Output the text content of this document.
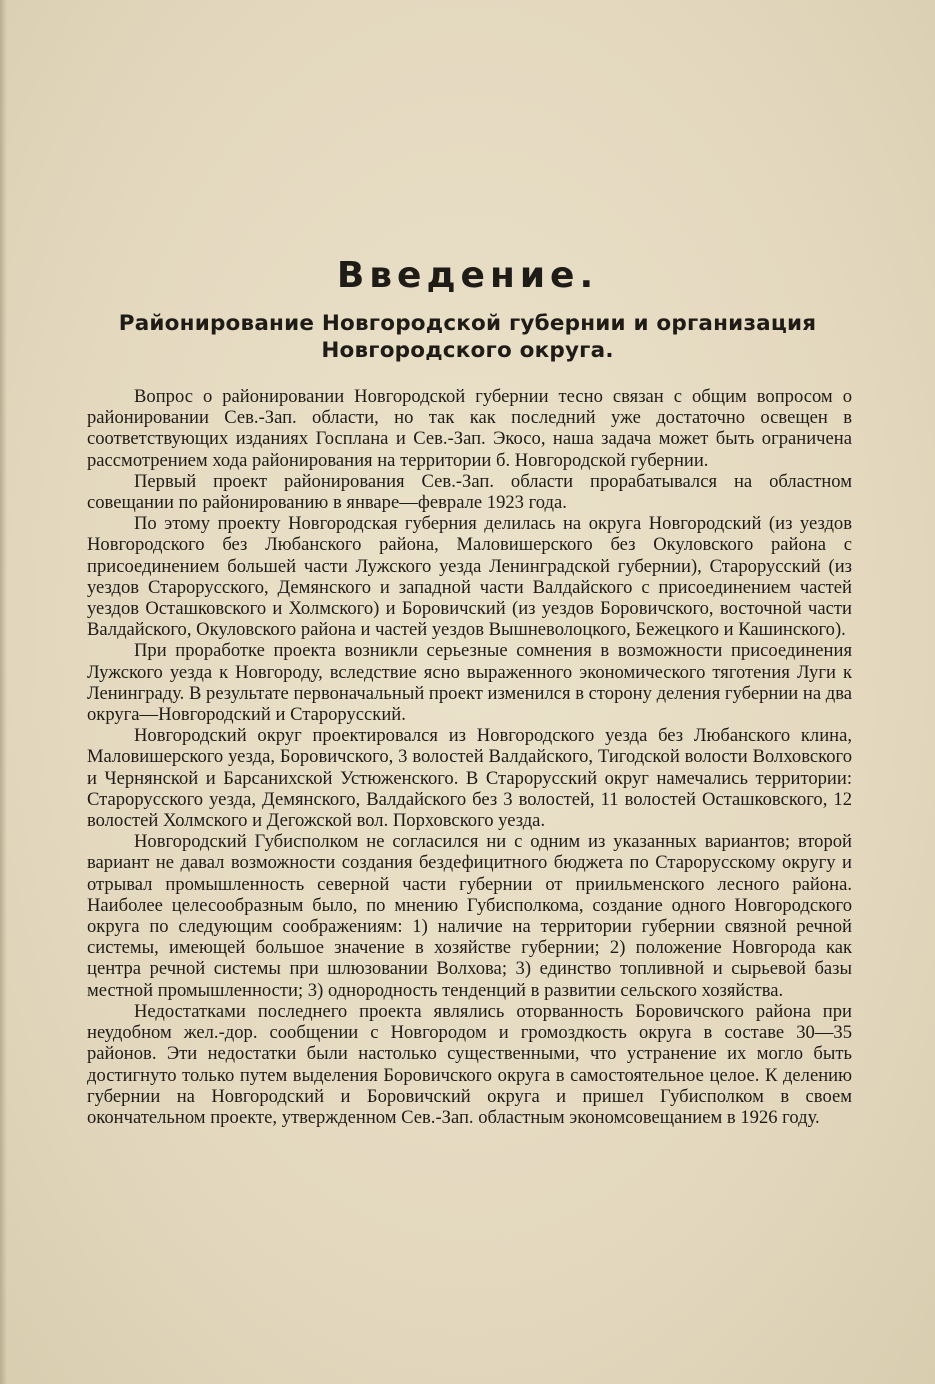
Введение.
Районирование Новгородской губернии и организация
Новгородского округа.

Вопрос о районировании Новгородской губернии тесно связан с общим вопросом о районировании Сев.-Зап. области, но так как последний уже достаточно освещен в соответствующих изданиях Госплана и Сев.-Зап. Экосо, наша задача может быть ограничена рассмотрением хода районирования на территории б. Новгородской губернии.

Первый проект районирования Сев.-Зап. области прорабатывался на областном совещании по районированию в январе—феврале 1923 года.

По этому проекту Новгородская губерния делилась на округа Новгородский (из уездов Новгородского без Любанского района, Маловишерского без Окуловского района с присоединением большей части Лужского уезда Ленинградской губернии), Старорусский (из уездов Старорусского, Демянского и западной части Валдайского с присоединением частей уездов Осташковского и Холмского) и Боровичский (из уездов Боровичского, восточной части Валдайского, Окуловского района и частей уездов Вышневолоцкого, Бежецкого и Кашинского).

При проработке проекта возникли серьезные сомнения в возможности присоединения Лужского уезда к Новгороду, вследствие ясно выраженного экономического тяготения Луги к Ленинграду. В результате первоначальный проект изменился в сторону деления губернии на два округа—Новгородский и Старорусский.

Новгородский округ проектировался из Новгородского уезда без Любанского клина, Маловишерского уезда, Боровичского, 3 волостей Валдайского, Тигодской волости Волховского и Чернянской и Барсанихской Устюженского. В Старорусский округ намечались территории: Старорусского уезда, Демянского, Валдайского без 3 волостей, 11 волостей Осташковского, 12 волостей Холмского и Дегожской вол. Порховского уезда.

Новгородский Губисполком не согласился ни с одним из указанных вариантов; второй вариант не давал возможности создания бездефицитного бюджета по Старорусскому округу и отрывал промышленность северной части губернии от приильменского лесного района. Наиболее целесообразным было, по мнению Губисполкома, создание одного Новгородского округа по следующим соображениям: 1) наличие на территории губернии связной речной системы, имеющей большое значение в хозяйстве губернии; 2) положение Новгорода как центра речной системы при шлюзовании Волхова; 3) единство топливной и сырьевой базы местной промышленности; 3) однородность тенденций в развитии сельского хозяйства.

Недостатками последнего проекта являлись оторванность Боровичского района при неудобном жел.-дор. сообщении с Новгородом и громоздкость округа в составе 30—35 районов. Эти недостатки были настолько существенными, что устранение их могло быть достигнуто только путем выделения Боровичского округа в самостоятельное целое. К делению губернии на Новгородский и Боровичский округа и пришел Губисполком в своем окончательном проекте, утвержденном Сев.-Зап. областным экономсовещанием в 1926 году.
